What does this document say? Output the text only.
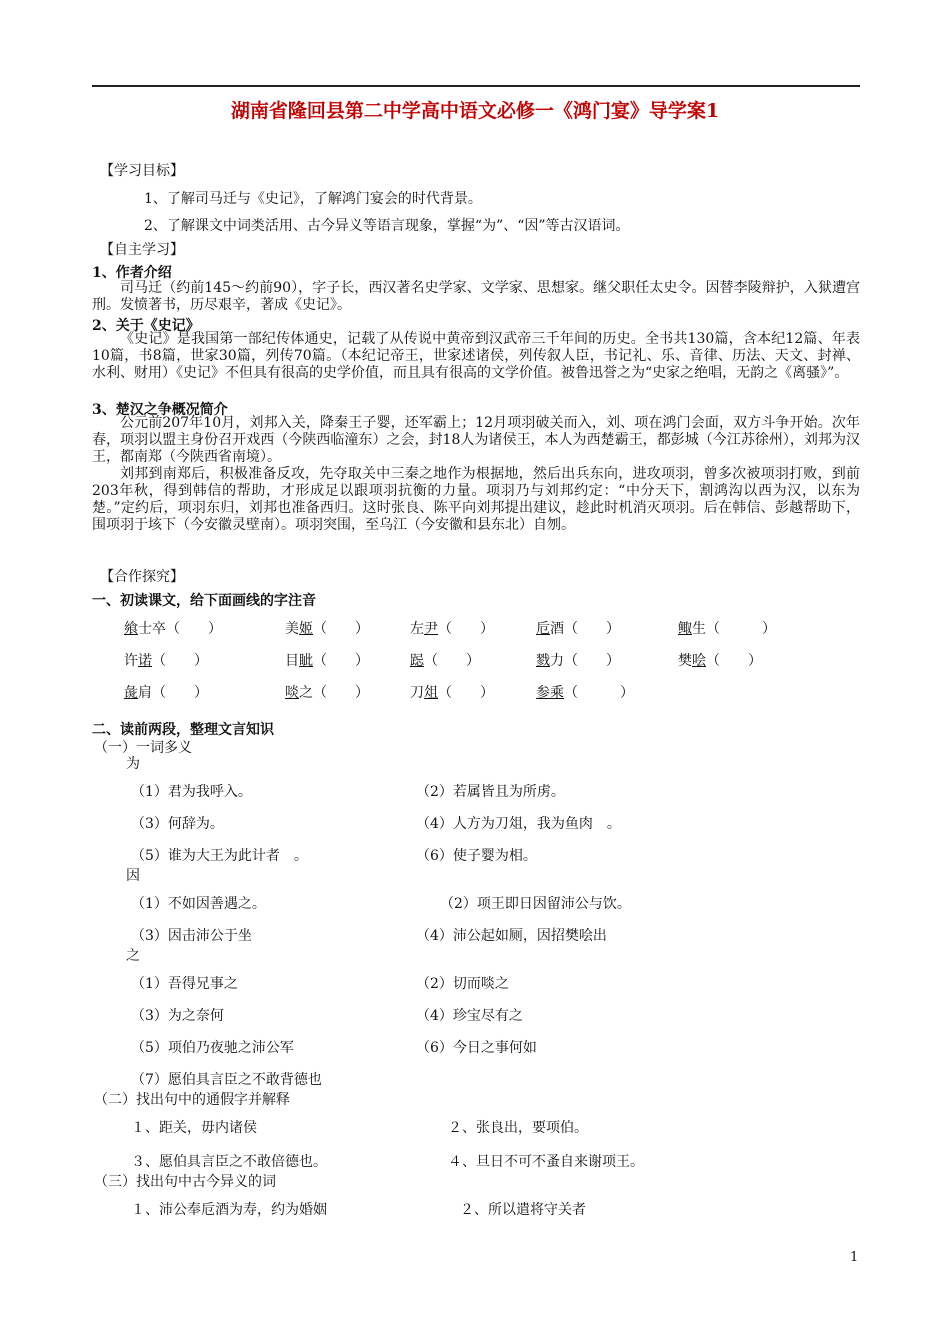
湖南省隆回县第二中学高中语文必修一《鸿门宴》导学案1
【学习目标】
1、了解司马迁与《史记》，了解鸿门宴会的时代背景。
2、了解课文中词类活用、古今异义等语言现象，掌握“为”、“因”等古汉语词。
【自主学习】
1、作者介绍
司马迁（约前145～约前90），字子长，西汉著名史学家、文学家、思想家。继父职任太史令。因替李陵辩护，入狱遭宫刑。发愤著书，历尽艰辛，著成《史记》。
2、关于《史记》
《史记》是我国第一部纪传体通史，记载了从传说中黄帝到汉武帝三千年间的历史。全书共130篇，含本纪12篇、年表10篇，书8篇，世家30篇，列传70篇。（本纪记帝王，世家述诸侯，列传叙人臣，书记礼、乐、音律、历法、天文、封禅、水利、财用）《史记》不但具有很高的史学价值，而且具有很高的文学价值。被鲁迅誉之为“史家之绝唱，无韵之《离骚》”。
3、楚汉之争概况简介
公元前207年10月，刘邦入关，降秦王子婴，还军霸上；12月项羽破关而入，刘、项在鸿门会面，双方斗争开始。次年春，项羽以盟主身份召开戏西（今陕西临潼东）之会，封18人为诸侯王，本人为西楚霸王，都彭城（今江苏徐州），刘邦为汉王，都南郑（今陕西省南境）。
刘邦到南郑后，积极准备反攻，先夺取关中三秦之地作为根据地，然后出兵东向，进攻项羽，曾多次被项羽打败，到前203年秋，得到韩信的帮助，才形成足以跟项羽抗衡的力量。项羽乃与刘邦约定：“中分天下，割鸿沟以西为汉，以东为楚。”定约后，项羽东归，刘邦也准备西归。这时张良、陈平向刘邦提出建议，趁此时机消灭项羽。后在韩信、彭越帮助下，围项羽于垓下（今安徽灵壁南）。项羽突围，至乌江（今安徽和县东北）自刎。
【合作探究】
一、初读课文，给下面画线的字注音
飨士卒（　　）	美姬（　　）	左尹（　　）	卮酒（　　）	鲰生（　　　）
许诺（　　）	目眦（　　）	跽（　　）	戮力（　　）	樊哙（　　）
彘肩（　　）	啖之（　　）	刀俎（　　）	参乘（　　　）
二、读前两段，整理文言知识
（一）一词多义
为
（1）君为我呼入。	（2）若属皆且为所虏。
（3）何辞为。	（4）人方为刀俎，我为鱼肉　。
（5）谁为大王为此计者　。	（6）使子婴为相。
因
（1）不如因善遇之。	（2）项王即日因留沛公与饮。
（3）因击沛公于坐	（4）沛公起如厕，因招樊哙出
之
（1）吾得兄事之	（2）切而啖之
（3）为之奈何	（4）珍宝尽有之
（5）项伯乃夜驰之沛公军	（6）今日之事何如
（7）愿伯具言臣之不敢背德也
（二）找出句中的通假字并解释
１、距关，毋内诸侯	２、张良出，要项伯。
３、愿伯具言臣之不敢倍德也。	４、旦日不可不蚤自来谢项王。
（三）找出句中古今异义的词
１、沛公奉卮酒为寿，约为婚姻	２、所以遣将守关者
1
